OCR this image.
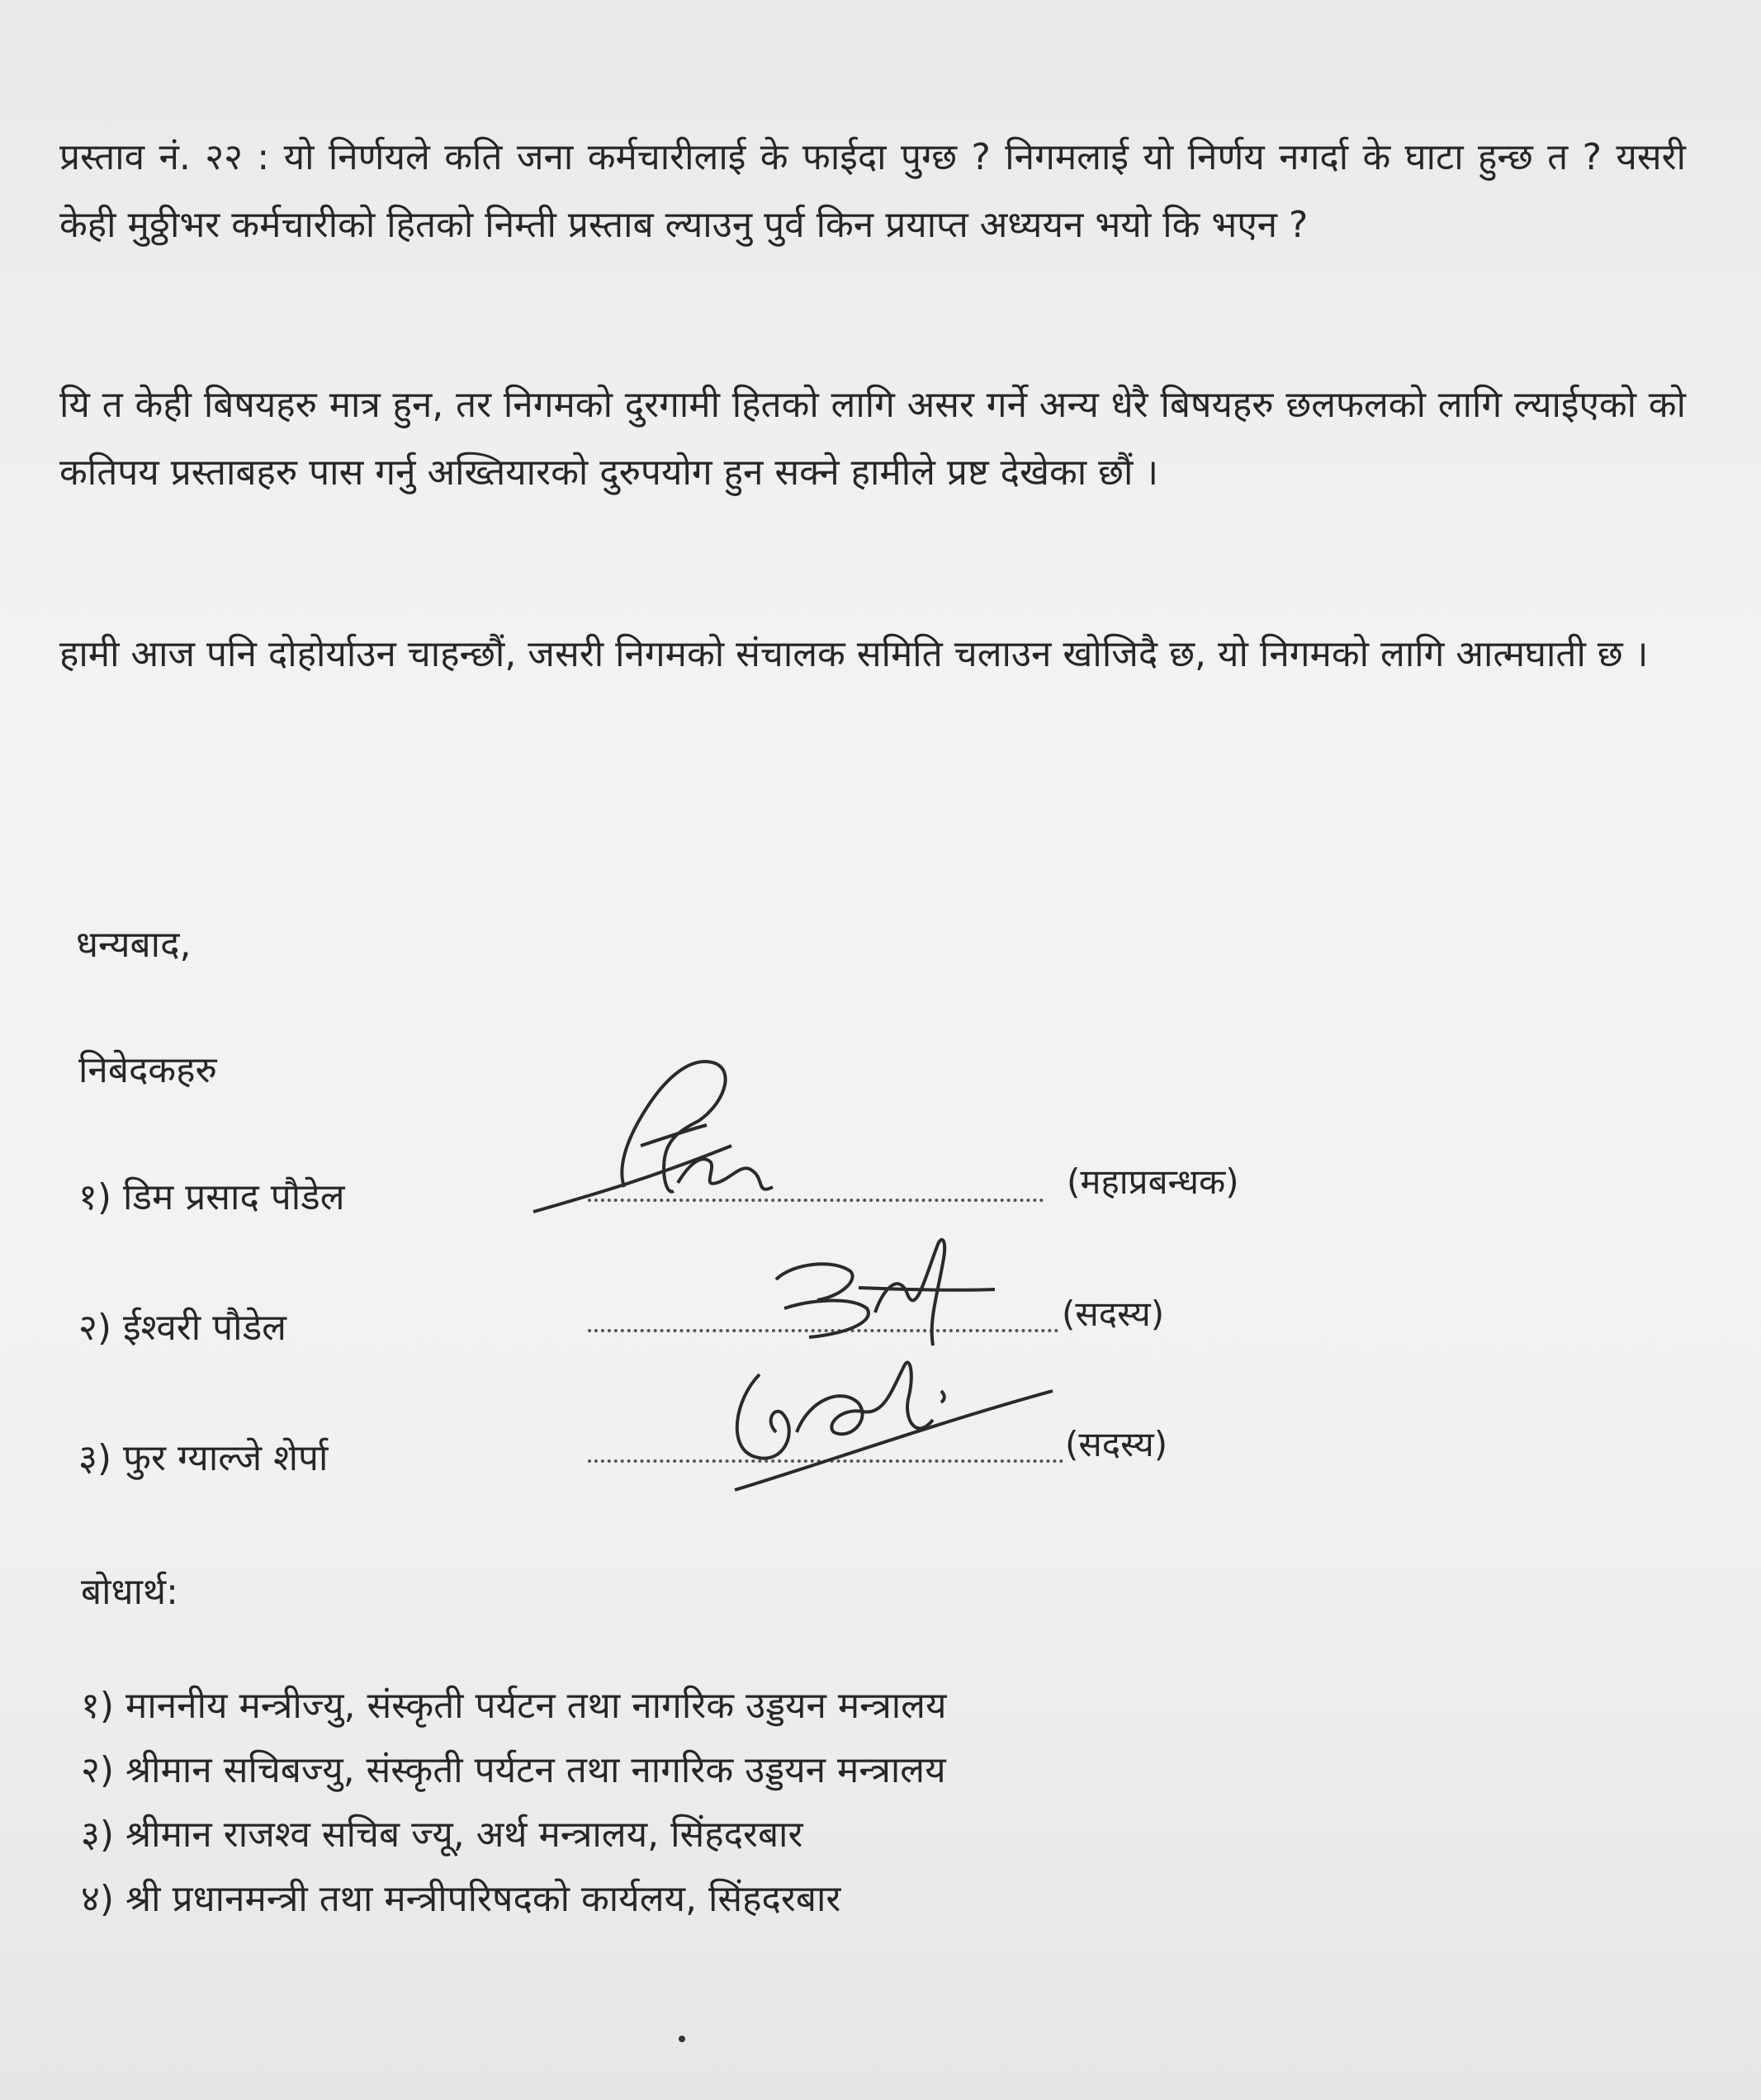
प्रस्ताव नं. २२ : यो निर्णयले कति जना कर्मचारीलाई के फाईदा पुग्छ ? निगमलाई यो निर्णय नगर्दा के घाटा हुन्छ त ? यसरी केही मुठ्ठीभर कर्मचारीको हितको निम्ती प्रस्ताब ल्याउनु पुर्व किन प्रयाप्त अध्ययन भयो कि भएन ?

यि त केही बिषयहरु मात्र हुन, तर निगमको दुरगामी हितको लागि असर गर्ने अन्य धेरै बिषयहरु छलफलको लागि ल्याईएको को कतिपय प्रस्ताबहरु पास गर्नु अख्तियारको दुरुपयोग हुन सक्ने हामीले प्रष्ट देखेका छौं ।

हामी आज पनि दोहोर्याउन चाहन्छौं, जसरी निगमको संचालक समिति चलाउन खोजिदै छ, यो निगमको लागि आत्मघाती छ ।

धन्यबाद,

निबेदकहरु

१) डिम प्रसाद पौडेल	(महाप्रबन्धक)

२) ईश्वरी पौडेल	(सदस्य)

३) फुर ग्याल्जे शेर्पा	(सदस्य)

बोधार्थ:

१) माननीय मन्त्रीज्यु, संस्कृती पर्यटन तथा नागरिक उड्डयन मन्त्रालय

२) श्रीमान सचिबज्यु, संस्कृती पर्यटन तथा नागरिक उड्डयन मन्त्रालय

३) श्रीमान राजश्व सचिब ज्यू, अर्थ मन्त्रालय, सिंहदरबार

४) श्री प्रधानमन्त्री तथा मन्त्रीपरिषदको कार्यलय, सिंहदरबार
